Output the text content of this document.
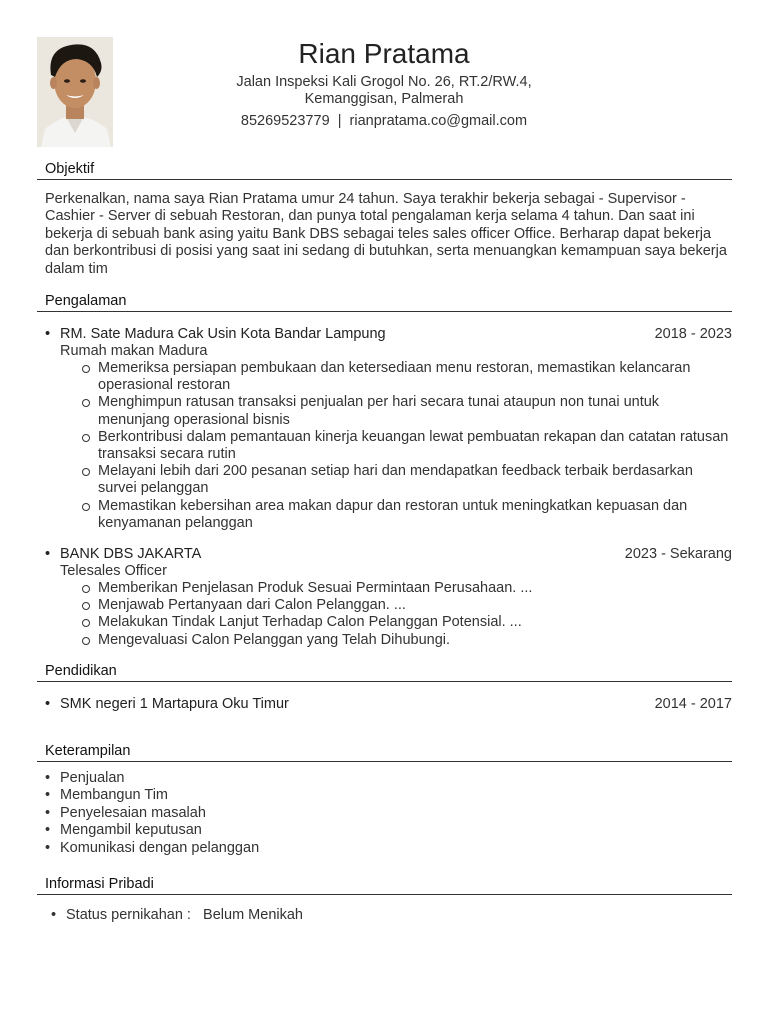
Rian Pratama
Jalan Inspeksi Kali Grogol No. 26, RT.2/RW.4,
Kemanggisan, Palmerah
85269523779 | rianpratama.co@gmail.com
Objektif
Perkenalkan, nama saya Rian Pratama umur 24 tahun. Saya terakhir bekerja sebagai - Supervisor - Cashier - Server di sebuah Restoran, dan punya total pengalaman kerja selama 4 tahun. Dan saat ini bekerja di sebuah bank asing yaitu Bank DBS sebagai teles sales officer Office. Berharap dapat bekerja dan berkontribusi di posisi yang saat ini sedang di butuhkan, serta menuangkan kemampuan saya bekerja dalam tim
Pengalaman
• RM. Sate Madura Cak Usin Kota Bandar Lampung	2018 - 2023
Rumah makan Madura
Memeriksa persiapan pembukaan dan ketersediaan menu restoran, memastikan kelancaran operasional restoran
Menghimpun ratusan transaksi penjualan per hari secara tunai ataupun non tunai untuk menunjang operasional bisnis
Berkontribusi dalam pemantauan kinerja keuangan lewat pembuatan rekapan dan catatan ratusan transaksi secara rutin
Melayani lebih dari 200 pesanan setiap hari dan mendapatkan feedback terbaik berdasarkan survei pelanggan
Memastikan kebersihan area makan dapur dan restoran untuk meningkatkan kepuasan dan kenyamanan pelanggan
• BANK DBS JAKARTA	2023 - Sekarang
Telesales Officer
Memberikan Penjelasan Produk Sesuai Permintaan Perusahaan. ...
Menjawab Pertanyaan dari Calon Pelanggan. ...
Melakukan Tindak Lanjut Terhadap Calon Pelanggan Potensial. ...
Mengevaluasi Calon Pelanggan yang Telah Dihubungi.
Pendidikan
• SMK negeri 1 Martapura Oku Timur	2014 - 2017
Keterampilan
• Penjualan
• Membangun Tim
• Penyelesaian masalah
• Mengambil keputusan
• Komunikasi dengan pelanggan
Informasi Pribadi
• Status pernikahan : Belum Menikah
